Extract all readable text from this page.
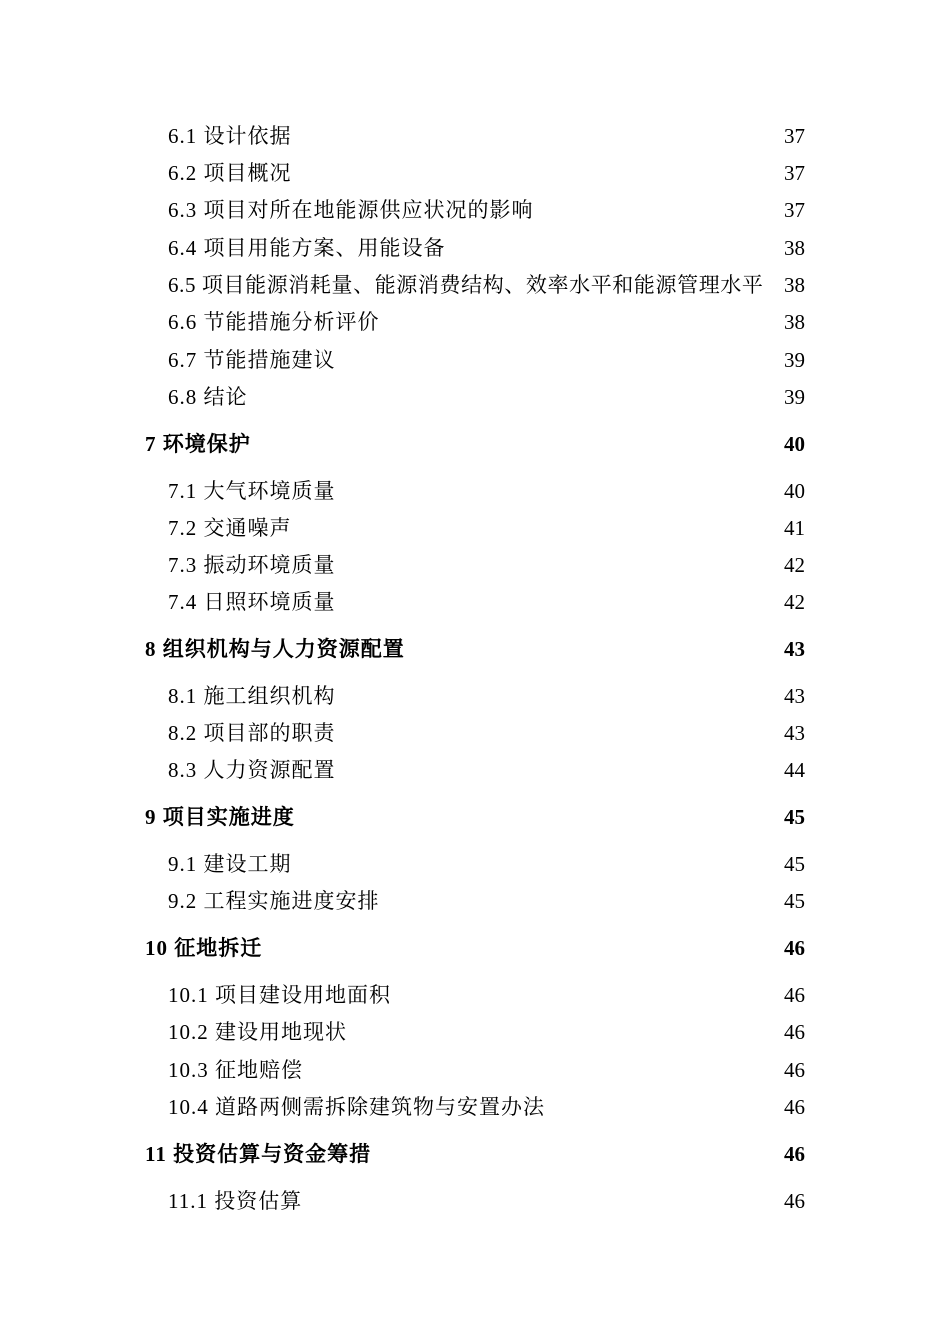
6.1 设计依据	37
6.2 项目概况	37
6.3 项目对所在地能源供应状况的影响	37
6.4 项目用能方案、用能设备	38
6.5 项目能源消耗量、能源消费结构、效率水平和能源管理水平 38
6.6 节能措施分析评价	38
6.7 节能措施建议	39
6.8 结论	39
7 环境保护	40
7.1 大气环境质量	40
7.2 交通噪声	41
7.3 振动环境质量	42
7.4 日照环境质量	42
8 组织机构与人力资源配置	43
8.1 施工组织机构	43
8.2 项目部的职责	43
8.3 人力资源配置	44
9 项目实施进度	45
9.1 建设工期	45
9.2 工程实施进度安排	45
10 征地拆迁	46
10.1 项目建设用地面积	46
10.2 建设用地现状	46
10.3 征地赔偿	46
10.4 道路两侧需拆除建筑物与安置办法	46
11 投资估算与资金筹措	46
11.1 投资估算	46
